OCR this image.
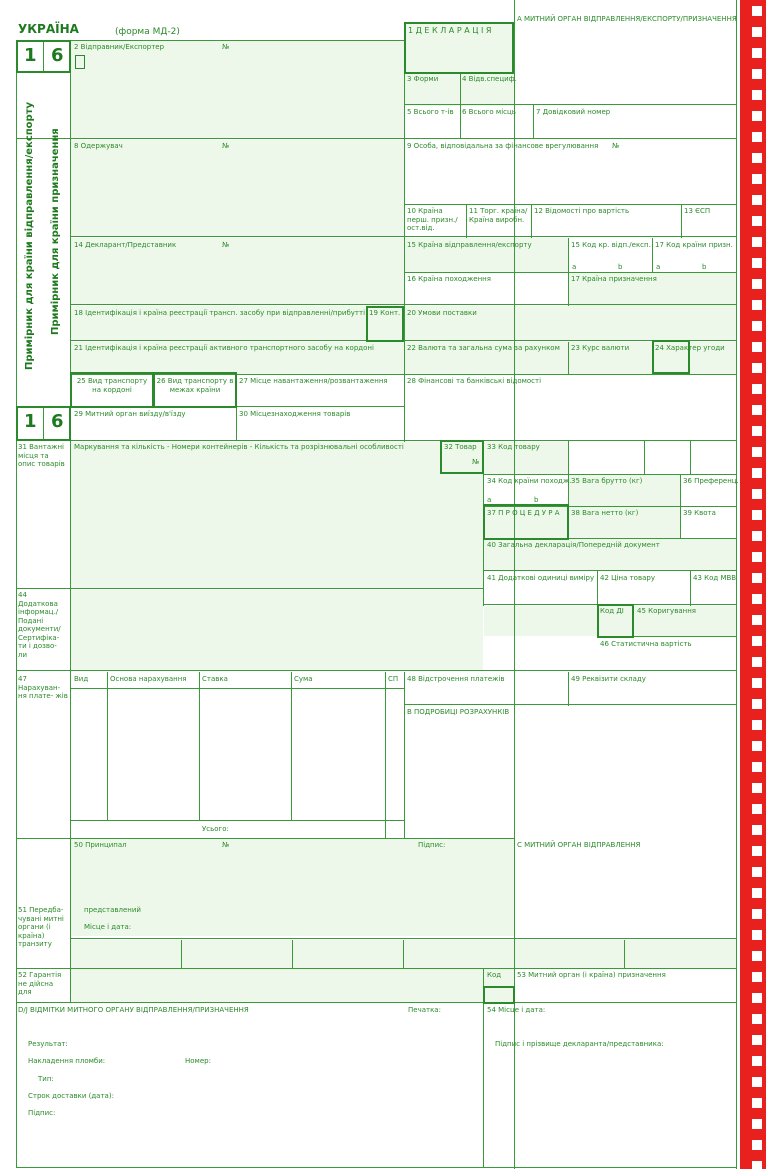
УКРАЇНА	(форма МД-2)
А МИТНИЙ ОРГАН ВІДПРАВЛЕННЯ/ЕКСПОРТУ/ПРИЗНАЧЕННЯ
1 6
1 6
Примірник для країни відправлення/експорту Примірник для країни призначення
1 Д Е К Л А Р А Ц І Я
2 Відправник/Експортер	№
3 Форми	4 Відв.специф.
5 Всього т-ів 6 Всього місць	7 Довідковий номер
8 Одержувач	№	9 Особа, відповідальна за фінансове врегулювання №
10 Країна перш. призн./ост.від.
11 Торг. країна/ Країна виробн.
12 Відомості про вартість	13 ЄСП
14 Декларант/Представник	№	15 Країна відправлення/експорту	15 Код кр. відп./експ. 17 Код країни призн.
a	b	a	b
16 Країна походження	17 Країна призначення
18 Ідентифікація і країна реєстрації трансп. засобу при відправленні/прибутті 19 Конт. 20 Умови поставки
21 Ідентифікація і країна реєстрації активного транспортного засобу на кордоні	22 Валюта та загальна сума за рахунком 23 Курс валюти	24 Характер угоди
25 Вид транспорту на кордоні
26 Вид транспорту в межах країни
27 Місце навантаження/розвантаження	28 Фінансові та банківські відомості
29 Митний орган виїзду/в'їзду	30 Місцезнаходження товарів
31 Вантажні місця та опис товарів
Маркування та кількість - Номери контейнерів - Кількість та розрізнювальні особливості	32 Товар
№
33 Код товару
34 Код країни походж.
a	b
35 Вага брутто (кг)	36 Преференц.
37 П Р О Ц Е Д У Р А 38 Вага нетто (кг)	39 Квота
40 Загальна декларація/Попередній документ
41 Додаткові одиниці виміру 42 Ціна товару	43 Код МВВ
44 Додаткова інформац./ Подані документи/ Сертифіка- ти і дозво- ли
Код ДІ 45 Коригування
46 Статистична вартість
47 Нарахуван- ня плате- жів
Вид	Основа нарахування Ставка	Сума	СП
Усього:
48 Відстрочення платежів	49 Реквізити складу
В ПОДРОБИЦІ РОЗРАХУНКІВ
50 Принципал	№	Підпис:	С МИТНИЙ ОРГАН ВІДПРАВЛЕННЯ
представлений
Місце і дата:
51 Передба- чувані митні органи (і країна) транзиту
52 Гарантія не дійсна для
Код 53 Митний орган (і країна) призначення
D/J ВІДМІТКИ МИТНОГО ОРГАНУ ВІДПРАВЛЕННЯ/ПРИЗНАЧЕННЯ	Печатка:	54 Місце і дата:
Результат:
Накладення пломби:	Номер:
Тип:
Строк доставки (дата):
Підпис:
Підпис і прізвище декларанта/представника:
